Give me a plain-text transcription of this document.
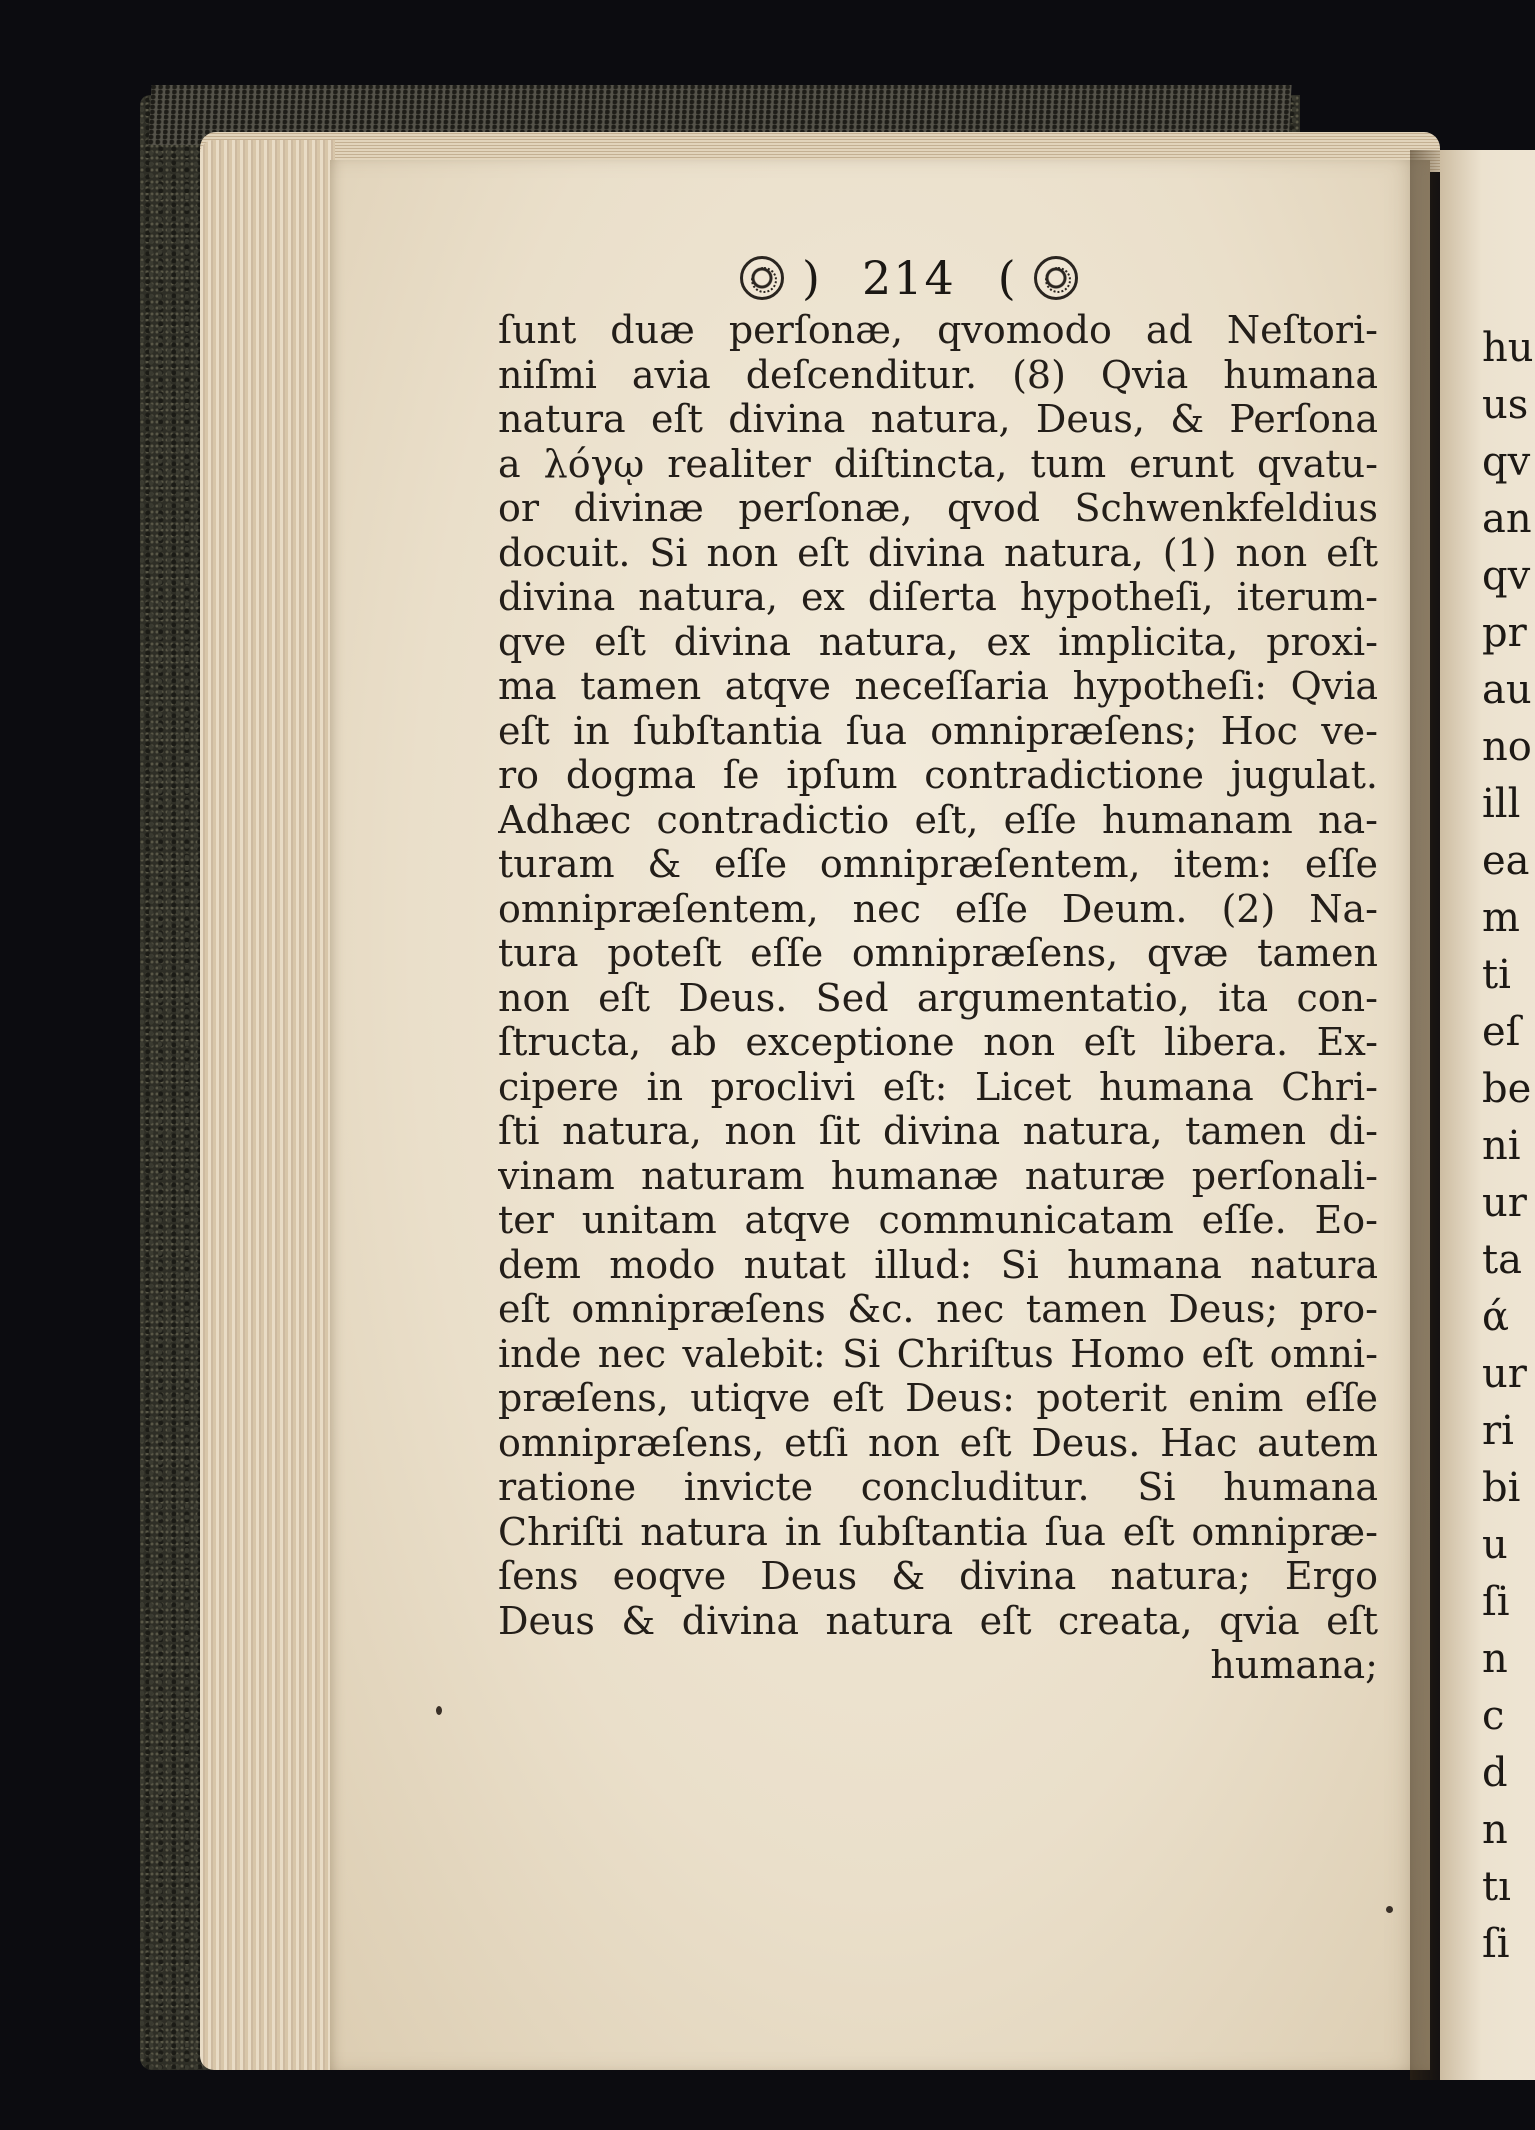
hu
us
qv
an
qv
pr
au
no
ill
ea
m
ti
eſ
be
ni
ur
ta
ά
ur
ri
bi
u
ſi
n
c
d
n
tı
ſi
) 214 (
ſunt duæ perſonæ, qvomodo ad Neſtori-
niſmi avia deſcenditur. (8) Qvia humana
natura eſt divina natura, Deus, & Perſona
a λόγῳ realiter diſtincta, tum erunt qvatu-
or divinæ perſonæ, qvod Schwenkfeldius
docuit. Si non eſt divina natura, (1) non eſt
divina natura, ex diſerta hypotheſi, iterum-
qve eſt divina natura, ex implicita, proxi-
ma tamen atqve neceſſaria hypotheſi: Qvia
eſt in ſubſtantia ſua omnipræſens; Hoc ve-
ro dogma ſe ipſum contradictione jugulat.
Adhæc contradictio eſt, eſſe humanam na-
turam & eſſe omnipræſentem, item: eſſe
omnipræſentem, nec eſſe Deum. (2) Na-
tura poteſt eſſe omnipræſens, qvæ tamen
non eſt Deus. Sed argumentatio, ita con-
ſtructa, ab exceptione non eſt libera. Ex-
cipere in proclivi eſt: Licet humana Chri-
ſti natura, non ſit divina natura, tamen di-
vinam naturam humanæ naturæ perſonali-
ter unitam atqve communicatam eſſe. Eo-
dem modo nutat illud: Si humana natura
eſt omnipræſens &c. nec tamen Deus; pro-
inde nec valebit: Si Chriſtus Homo eſt omni-
præſens, utiqve eſt Deus: poterit enim eſſe
omnipræſens, etſi non eſt Deus. Hac autem
ratione invicte concluditur. Si humana
Chriſti natura in ſubſtantia ſua eſt omnipræ-
ſens eoqve Deus & divina natura; Ergo
Deus & divina natura eſt creata, qvia eſt
humana;
